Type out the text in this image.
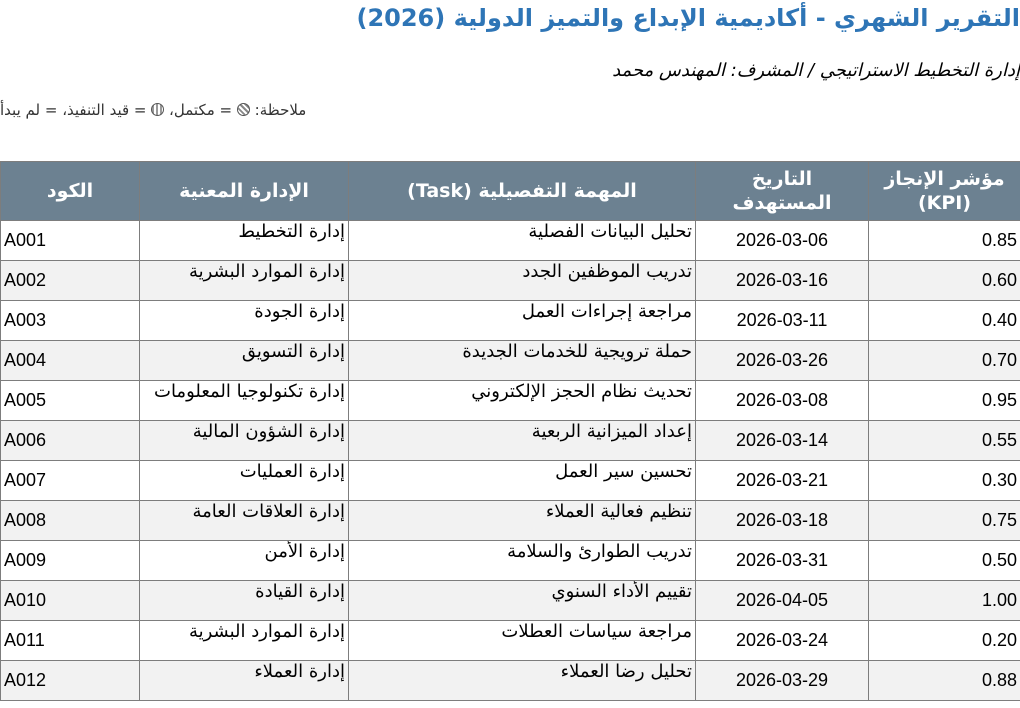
التقرير الشهري - أكاديمية الإبداع والتميز الدولية (2026)
إدارة التخطيط الاستراتيجي / المشرف: المهندس محمد
ملاحظة:  = مكتمل،  = قيد التنفيذ، = لم يبدأ
الكود	الإدارة المعنية	المهمة التفصيلية (Task)	التاريخ المستهدف	مؤشر الإنجاز (KPI)
A001	إدارة التخطيط	تحليل البيانات الفصلية	2026-03-06	0.85
A002	إدارة الموارد البشرية	تدريب الموظفين الجدد	2026-03-16	0.60
A003	إدارة الجودة	مراجعة إجراءات العمل	2026-03-11	0.40
A004	إدارة التسويق	حملة ترويجية للخدمات الجديدة	2026-03-26	0.70
A005	إدارة تكنولوجيا المعلومات	تحديث نظام الحجز الإلكتروني	2026-03-08	0.95
A006	إدارة الشؤون المالية	إعداد الميزانية الربعية	2026-03-14	0.55
A007	إدارة العمليات	تحسين سير العمل	2026-03-21	0.30
A008	إدارة العلاقات العامة	تنظيم فعالية العملاء	2026-03-18	0.75
A009	إدارة الأمن	تدريب الطوارئ والسلامة	2026-03-31	0.50
A010	إدارة القيادة	تقييم الأداء السنوي	2026-04-05	1.00
A011	إدارة الموارد البشرية	مراجعة سياسات العطلات	2026-03-24	0.20
A012	إدارة العملاء	تحليل رضا العملاء	2026-03-29	0.88
